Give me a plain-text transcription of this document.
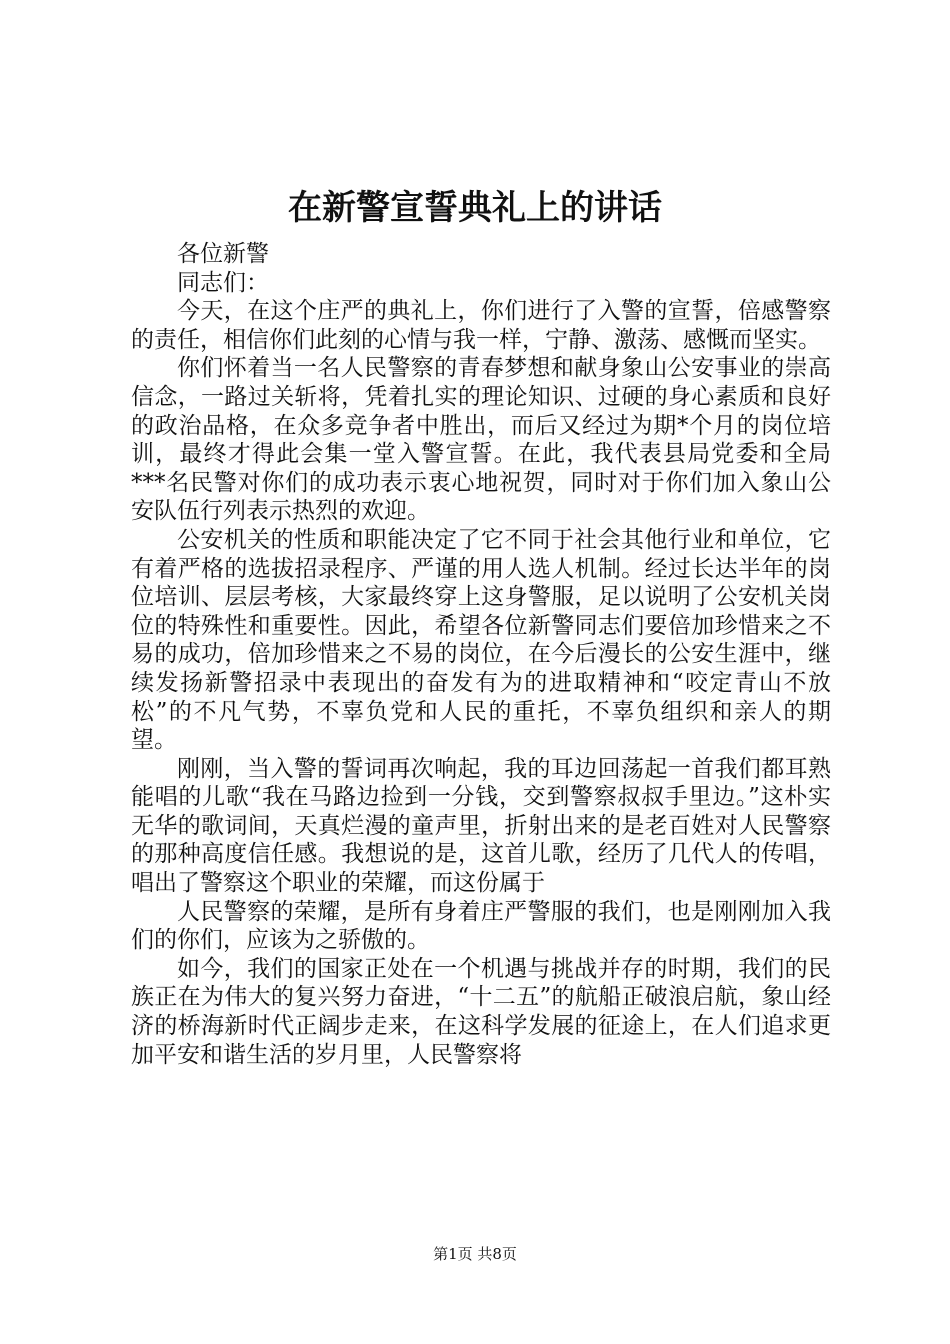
在新警宣誓典礼上的讲话

各位新警

同志们：

今天，在这个庄严的典礼上，你们进行了入警的宣誓，倍感警察的责任，相信你们此刻的心情与我一样，宁静、激荡、感慨而坚实。

你们怀着当一名人民警察的青春梦想和献身象山公安事业的崇高信念，一路过关斩将，凭着扎实的理论知识、过硬的身心素质和良好的政治品格，在众多竞争者中胜出，而后又经过为期*个月的岗位培训，最终才得此会集一堂入警宣誓。在此，我代表县局党委和全局***名民警对你们的成功表示衷心地祝贺，同时对于你们加入象山公安队伍行列表示热烈的欢迎。

公安机关的性质和职能决定了它不同于社会其他行业和单位，它有着严格的选拔招录程序、严谨的用人选人机制。经过长达半年的岗位培训、层层考核，大家最终穿上这身警服，足以说明了公安机关岗位的特殊性和重要性。因此，希望各位新警同志们要倍加珍惜来之不易的成功，倍加珍惜来之不易的岗位，在今后漫长的公安生涯中，继续发扬新警招录中表现出的奋发有为的进取精神和“咬定青山不放松”的不凡气势，不辜负党和人民的重托，不辜负组织和亲人的期望。

刚刚，当入警的誓词再次响起，我的耳边回荡起一首我们都耳熟能唱的儿歌“我在马路边捡到一分钱，交到警察叔叔手里边。”这朴实无华的歌词间，天真烂漫的童声里，折射出来的是老百姓对人民警察的那种高度信任感。我想说的是，这首儿歌，经历了几代人的传唱，唱出了警察这个职业的荣耀，而这份属于

人民警察的荣耀，是所有身着庄严警服的我们，也是刚刚加入我们的你们，应该为之骄傲的。

如今，我们的国家正处在一个机遇与挑战并存的时期，我们的民族正在为伟大的复兴努力奋进，“十二五”的航船正破浪启航，象山经济的桥海新时代正阔步走来，在这科学发展的征途上，在人们追求更加平安和谐生活的岁月里，人民警察将

第1页 共8页
